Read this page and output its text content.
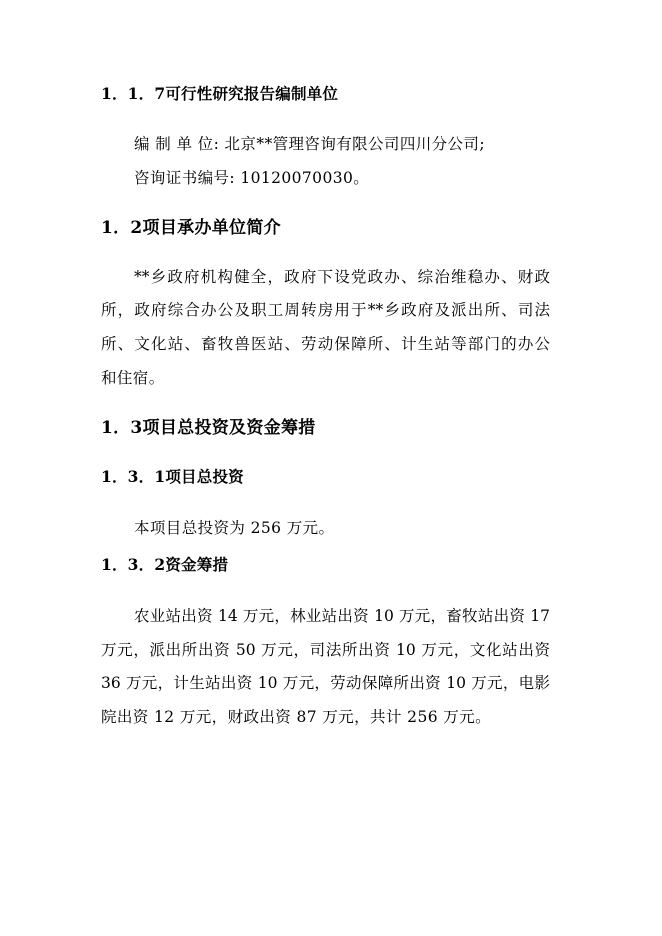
1．1．7可行性研究报告编制单位
编 制 单 位: 北京**管理咨询有限公司四川分公司;
咨询证书编号: 10120070030。
1．2项目承办单位简介
**乡政府机构健全，政府下设党政办、综治维稳办、财政
所，政府综合办公及职工周转房用于**乡政府及派出所、司法
所、文化站、畜牧兽医站、劳动保障所、计生站等部门的办公
和住宿。
1．3项目总投资及资金筹措
1．3．1项目总投资
本项目总投资为 256 万元。
1．3．2资金筹措
农业站出资 14 万元，林业站出资 10 万元，畜牧站出资 17
万元，派出所出资 50 万元，司法所出资 10 万元，文化站出资
36 万元，计生站出资 10 万元，劳动保障所出资 10 万元，电影
院出资 12 万元，财政出资 87 万元，共计 256 万元。
